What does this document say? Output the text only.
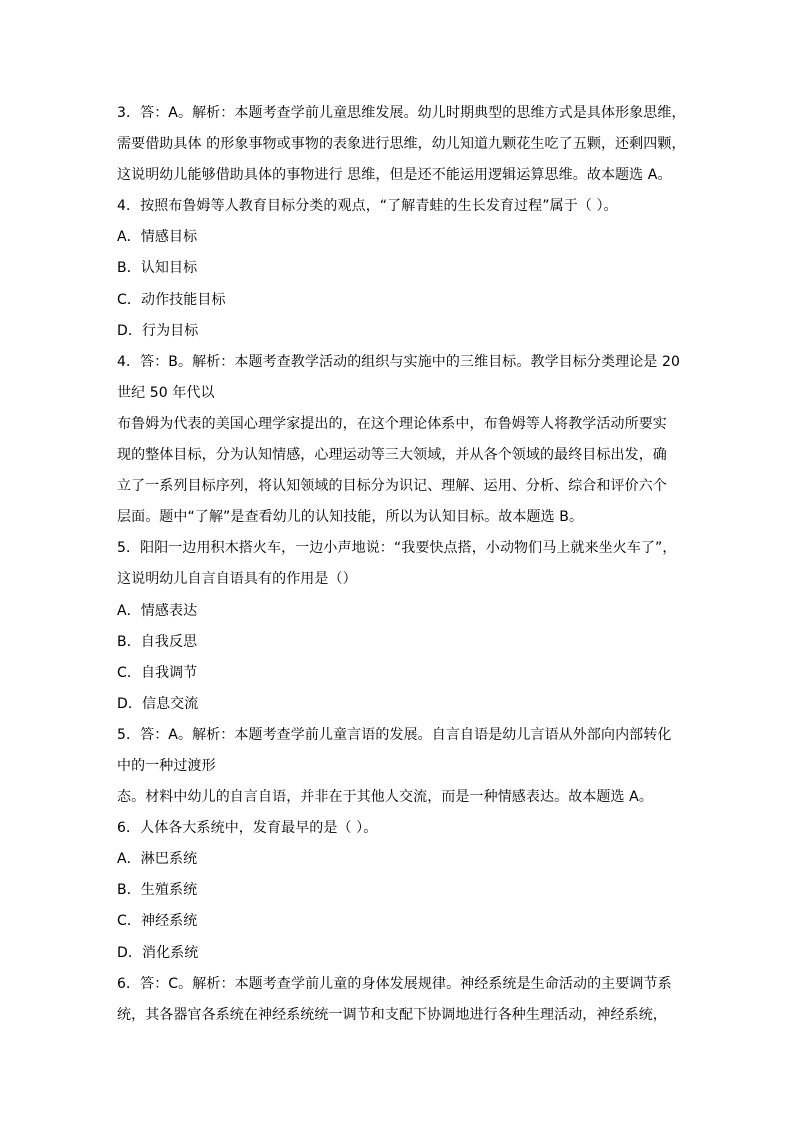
3．答：A。解析：本题考查学前儿童思维发展。幼儿时期典型的思维方式是具体形象思维，
需要借助具体 的形象事物或事物的表象进行思维，幼儿知道九颗花生吃了五颗，还剩四颗，
这说明幼儿能够借助具体的事物进行 思维，但是还不能运用逻辑运算思维。故本题选 A。
4．按照布鲁姆等人教育目标分类的观点，“了解青蛙的生长发育过程”属于（ ）。
A．情感目标
B．认知目标
C．动作技能目标
D．行为目标
4．答：B。解析：本题考查教学活动的组织与实施中的三维目标。教学目标分类理论是 20
世纪 50 年代以
布鲁姆为代表的美国心理学家提出的，在这个理论体系中，布鲁姆等人将教学活动所要实
现的整体目标，分为认知情感，心理运动等三大领域，并从各个领域的最终目标出发，确
立了一系列目标序列，将认知领域的目标分为识记、理解、运用、分析、综合和评价六个
层面。题中“了解”是查看幼儿的认知技能，所以为认知目标。故本题选 B。
5．阳阳一边用积木搭火车，一边小声地说：“我要快点搭，小动物们马上就来坐火车了”，
这说明幼儿自言自语具有的作用是（）
A．情感表达
B．自我反思
C．自我调节
D．信息交流
5．答：A。解析：本题考查学前儿童言语的发展。自言自语是幼儿言语从外部向内部转化
中的一种过渡形
态。材料中幼儿的自言自语，并非在于其他人交流，而是一种情感表达。故本题选 A。
6．人体各大系统中，发育最早的是（ ）。
A．淋巴系统
B．生殖系统
C．神经系统
D．消化系统
6．答：C。解析：本题考查学前儿童的身体发展规律。神经系统是生命活动的主要调节系
统，其各器官各系统在神经系统统一调节和支配下协调地进行各种生理活动，神经系统，
